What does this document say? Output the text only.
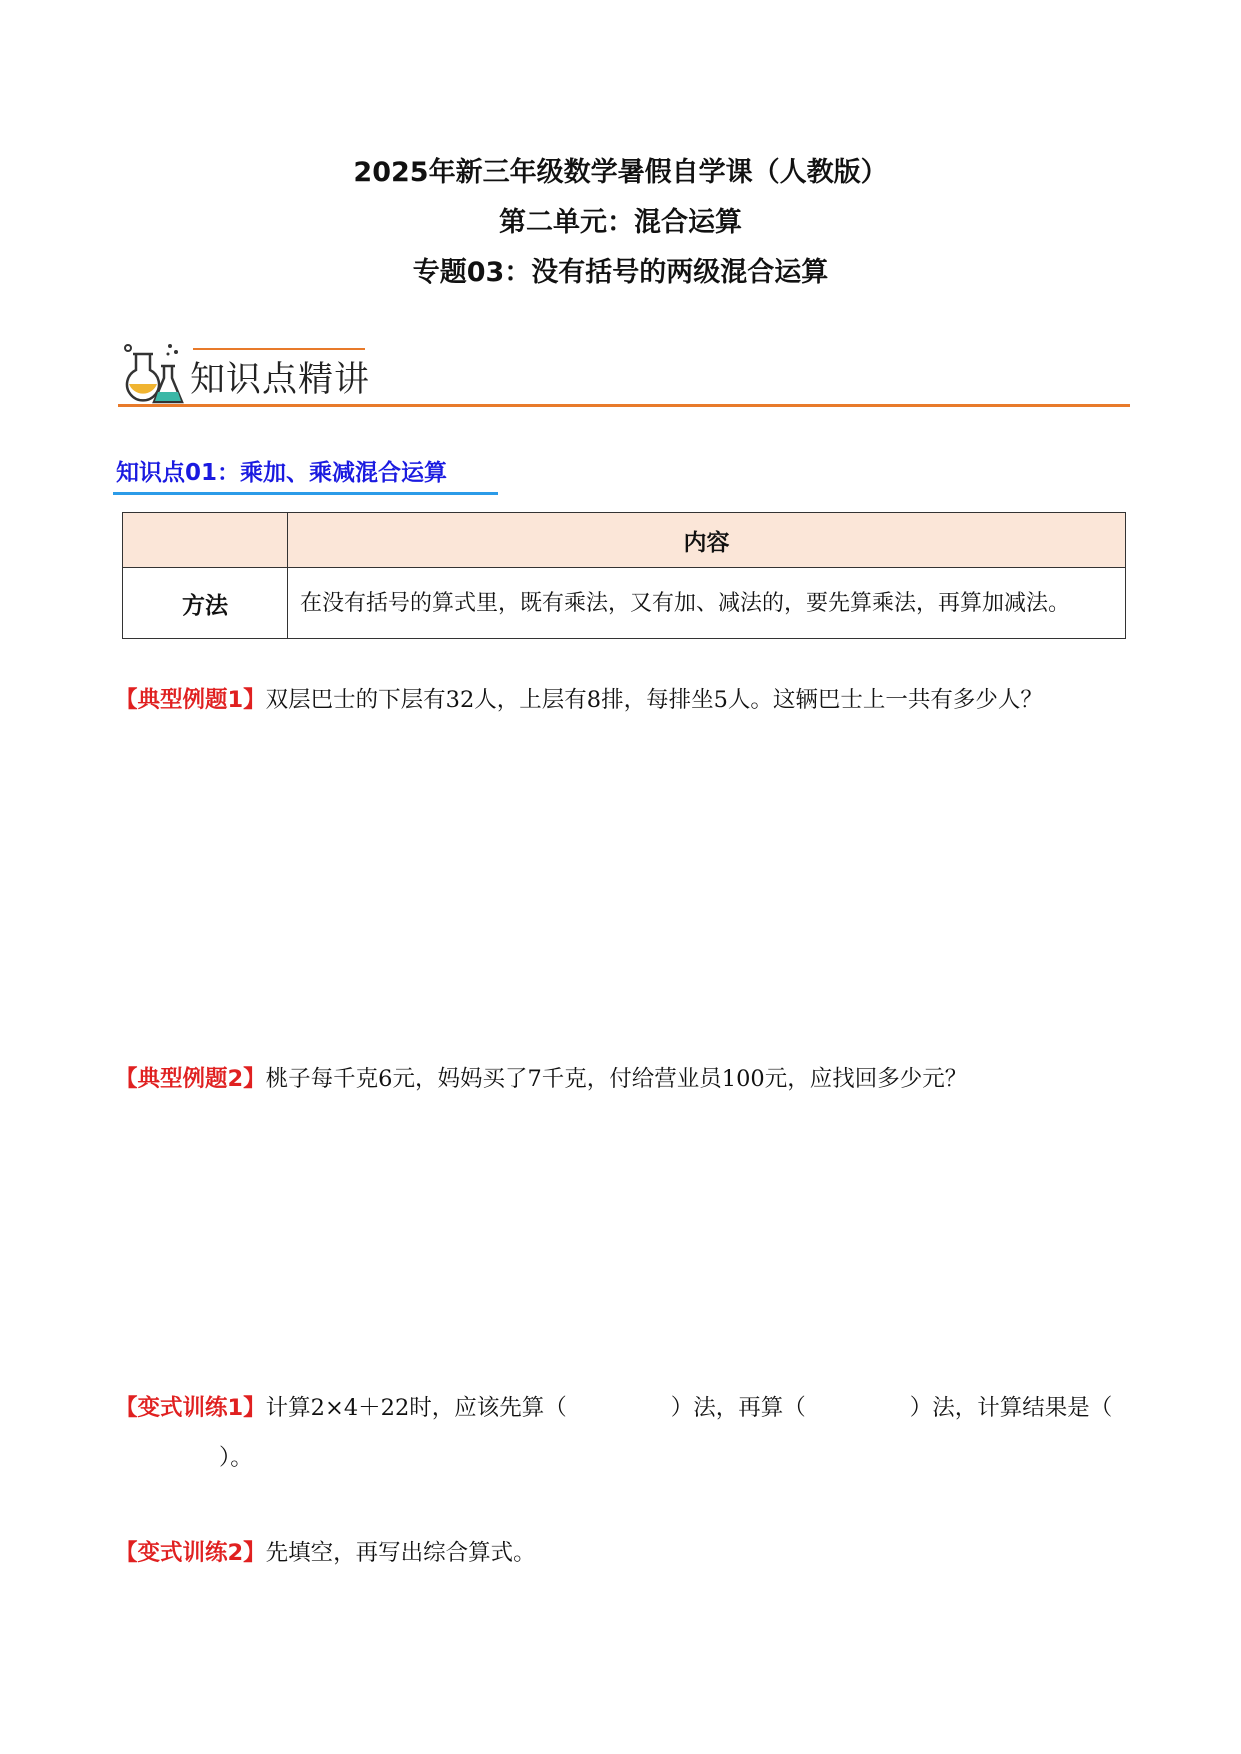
2025年新三年级数学暑假自学课（人教版）
第二单元：混合运算
专题03：没有括号的两级混合运算
知识点精讲
知识点01：乘加、乘减混合运算
	内容
方法	在没有括号的算式里，既有乘法，又有加、减法的，要先算乘法，再算加减法。
【典型例题1】双层巴士的下层有32人，上层有8排，每排坐5人。这辆巴士上一共有多少人？
【典型例题2】桃子每千克6元，妈妈买了7千克，付给营业员100元，应找回多少元？
【变式训练1】计算2×4＋22时，应该先算（	）法，再算（	）法，计算结果是（）。
【变式训练2】先填空，再写出综合算式。
